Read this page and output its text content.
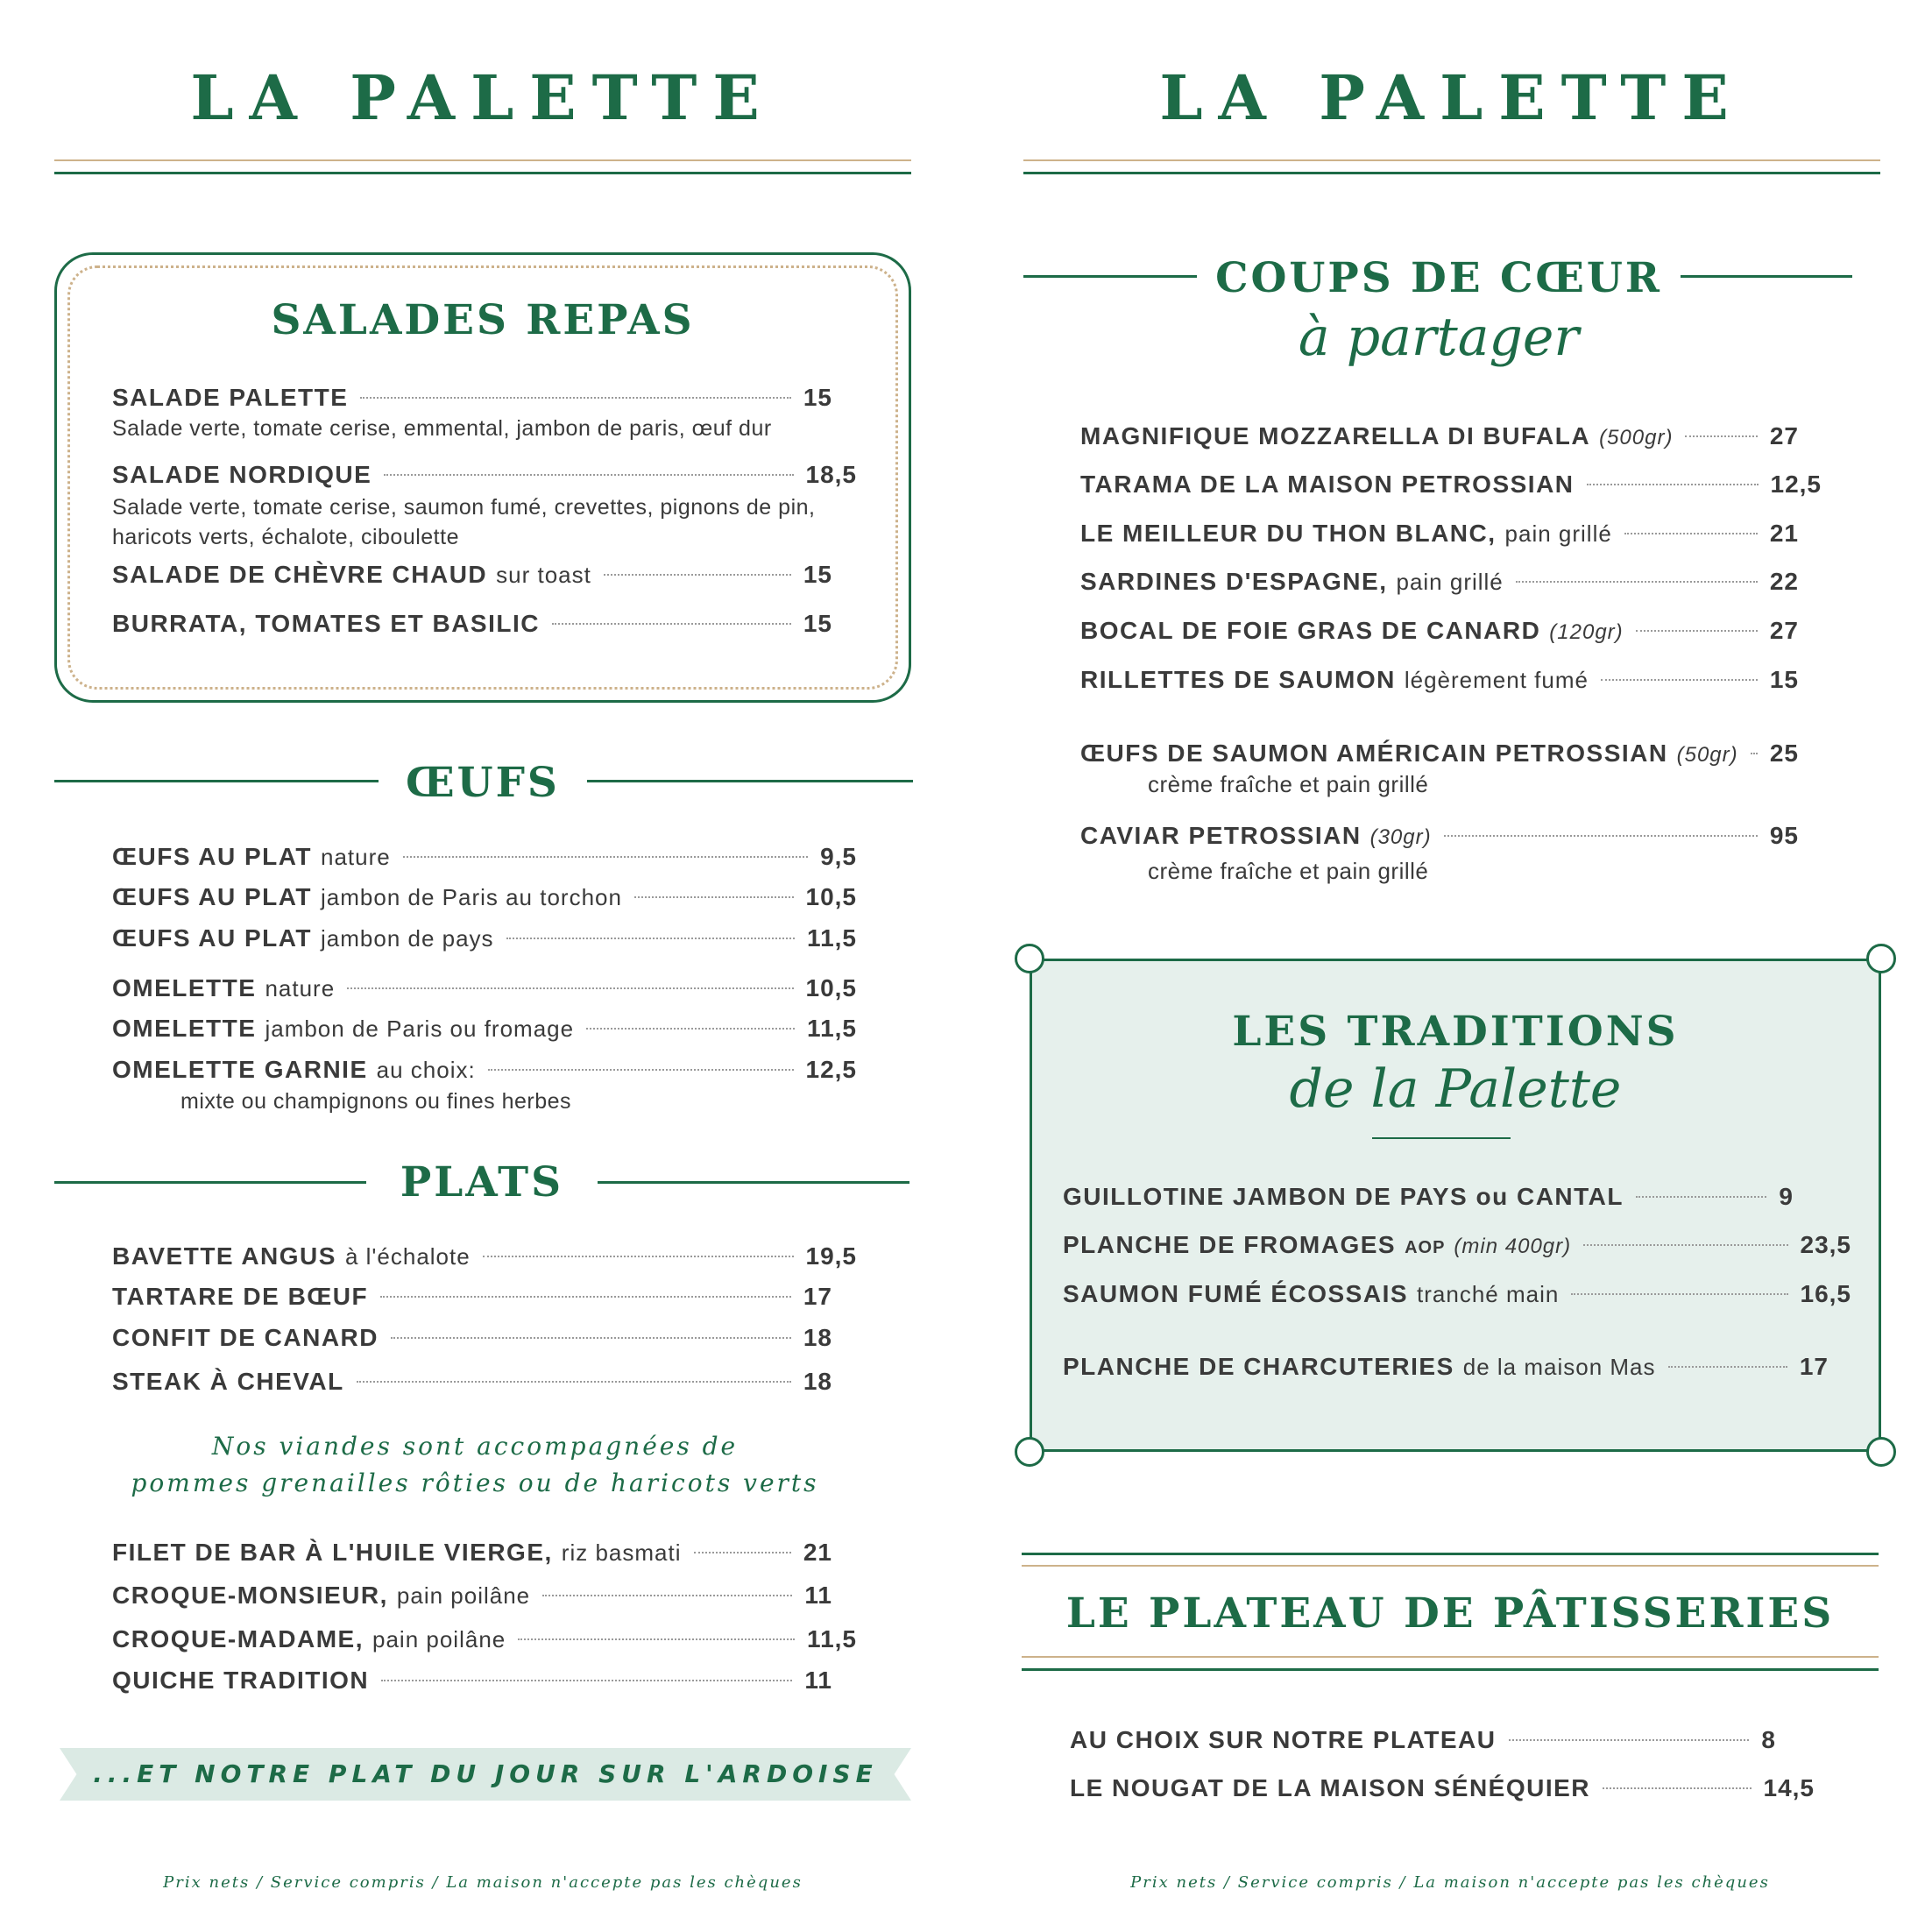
LA PALETTE
SALADES REPAS
SALADE PALETTE	15
Salade verte, tomate cerise, emmental, jambon de paris, œuf dur
SALADE NORDIQUE	18,5
Salade verte, tomate cerise, saumon fumé, crevettes, pignons de pin,
haricots verts, échalote, ciboulette
SALADE DE CHÈVRE CHAUD sur toast	15
BURRATA, TOMATES ET BASILIC	15
ŒUFS
ŒUFS AU PLAT nature	9,5
ŒUFS AU PLAT jambon de Paris au torchon	10,5
ŒUFS AU PLAT jambon de pays	11,5
OMELETTE nature	10,5
OMELETTE jambon de Paris ou fromage	11,5
OMELETTE GARNIE au choix:	12,5
mixte ou champignons ou fines herbes
PLATS
BAVETTE ANGUS à l'échalote	19,5
TARTARE DE BŒUF	17
CONFIT DE CANARD	18
STEAK À CHEVAL	18
Nos viandes sont accompagnées de
pommes grenailles rôties ou de haricots verts
FILET DE BAR À L'HUILE VIERGE, riz basmati	21
CROQUE-MONSIEUR, pain poilâne	11
CROQUE-MADAME, pain poilâne	11,5
QUICHE TRADITION	11
...ET NOTRE PLAT DU JOUR SUR L'ARDOISE
Prix nets / Service compris / La maison n'accepte pas les chèques
LA PALETTE
COUPS DE CŒUR
à partager
MAGNIFIQUE MOZZARELLA DI BUFALA (500gr)	27
TARAMA DE LA MAISON PETROSSIAN	12,5
LE MEILLEUR DU THON BLANC, pain grillé	21
SARDINES D'ESPAGNE, pain grillé	22
BOCAL DE FOIE GRAS DE CANARD (120gr)	27
RILLETTES DE SAUMON légèrement fumé	15
ŒUFS DE SAUMON AMÉRICAIN PETROSSIAN (50gr) 25
crème fraîche et pain grillé
CAVIAR PETROSSIAN (30gr)	95
crème fraîche et pain grillé
LES TRADITIONS
de la Palette
GUILLOTINE JAMBON DE PAYS ou CANTAL	9
PLANCHE DE FROMAGES AOP (min 400gr)	23,5
SAUMON FUMÉ ÉCOSSAIS tranché main	16,5
PLANCHE DE CHARCUTERIES de la maison Mas	17
LE PLATEAU DE PÂTISSERIES
AU CHOIX SUR NOTRE PLATEAU	8
LE NOUGAT DE LA MAISON SÉNÉQUIER	14,5
Prix nets / Service compris / La maison n'accepte pas les chèques
